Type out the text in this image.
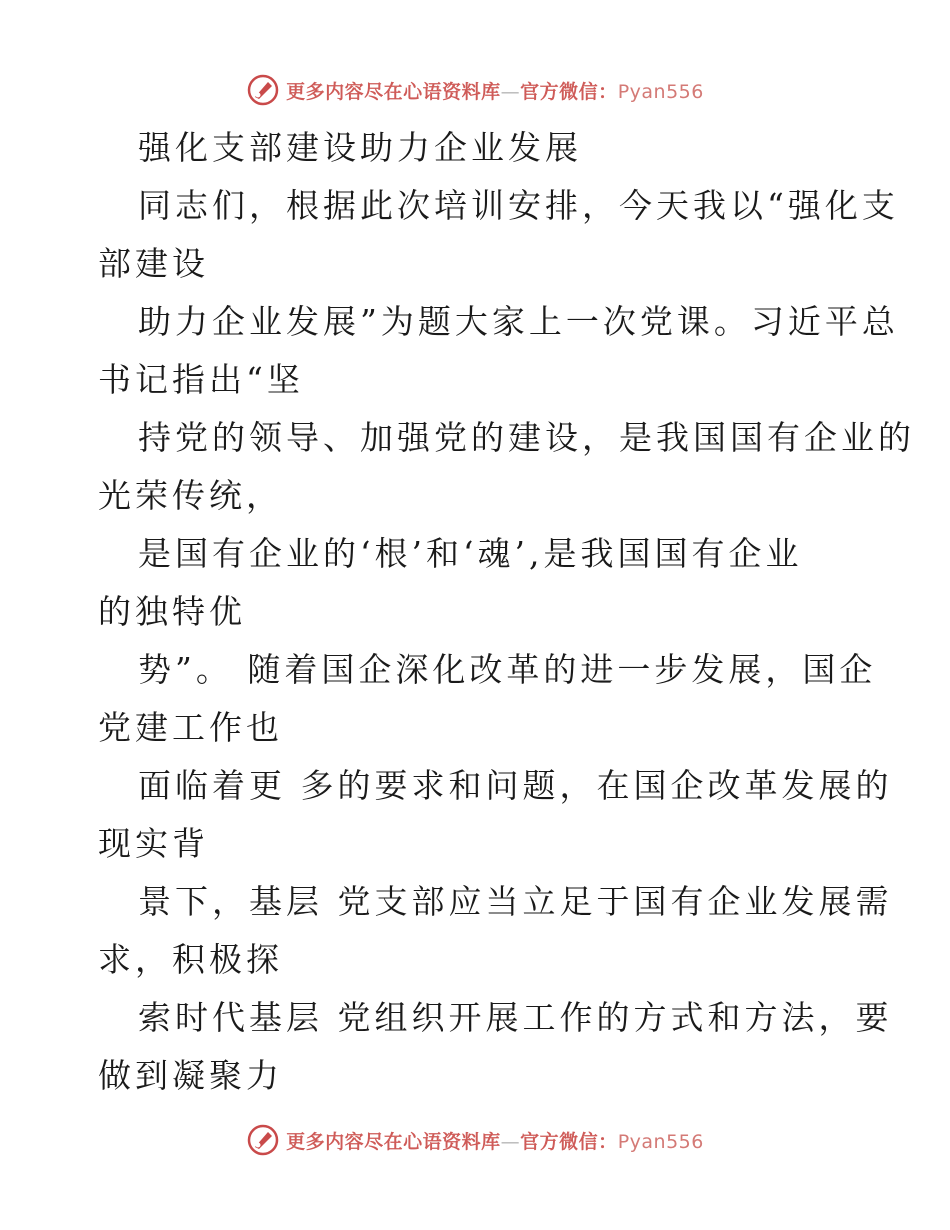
更多内容尽在心语资料库—官方微信：Pyan556
强化支部建设助力企业发展
同志们，根据此次培训安排，今天我以“强化支
部建设
助力企业发展”为题大家上一次党课。习近平总
书记指出“坚
持党的领导、加强党的建设，是我国国有企业的
光荣传统，
是国有企业的‘根’和‘魂’,是我国国有企业
的独特优
势”。 随着国企深化改革的进一步发展，国企
党建工作也
面临着更 多的要求和问题，在国企改革发展的
现实背
景下，基层 党支部应当立足于国有企业发展需
求，积极探
索时代基层 党组织开展工作的方式和方法，要
做到凝聚力
更多内容尽在心语资料库—官方微信：Pyan556
